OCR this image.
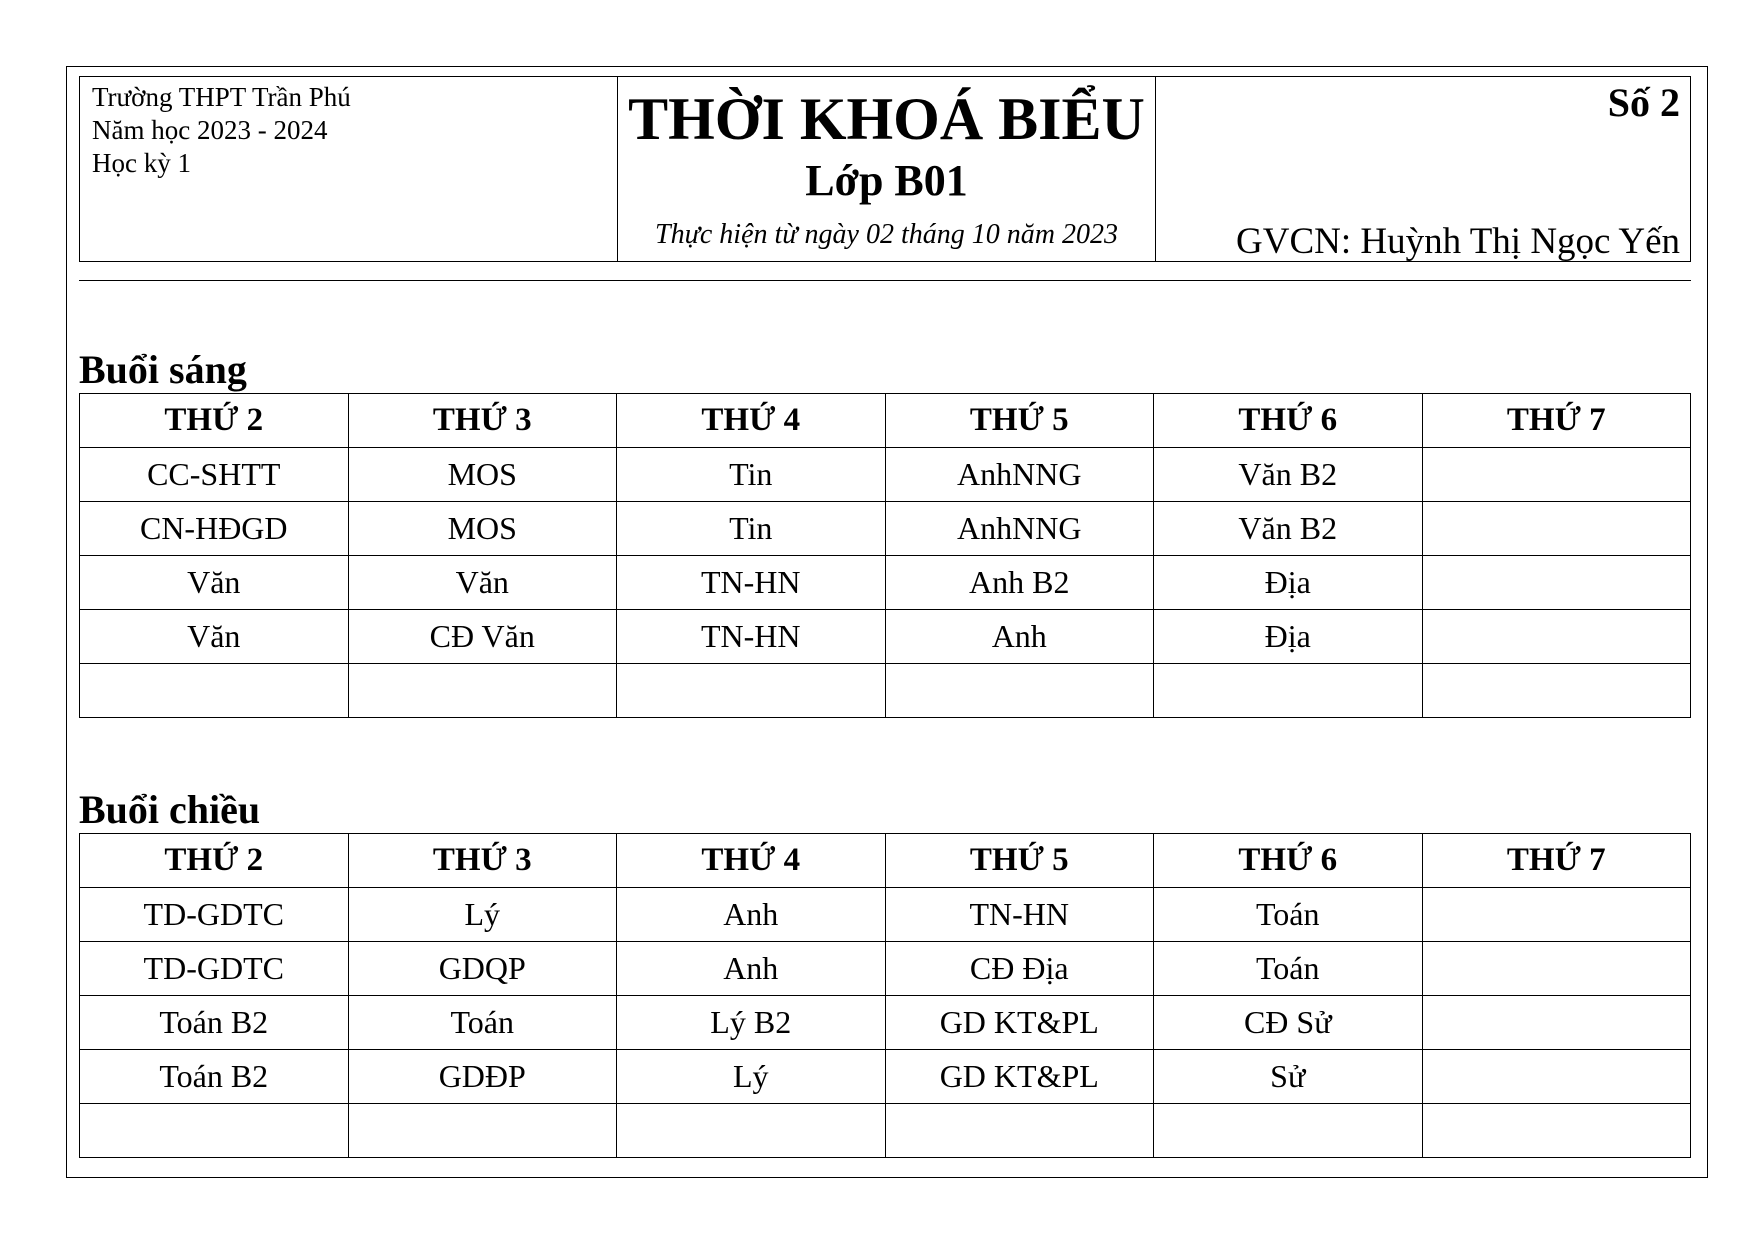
Trường THPT Trần Phú
Năm học 2023 - 2024
Học kỳ 1
THỜI KHOÁ BIỂU
Lớp B01
Thực hiện từ ngày 02 tháng 10 năm 2023
Số 2
GVCN: Huỳnh Thị Ngọc Yến
Buổi sáng
THỨ 2	THỨ 3	THỨ 4	THỨ 5	THỨ 6	THỨ 7
CC-SHTT	MOS	Tin	AnhNNG	Văn B2	
CN-HĐGD	MOS	Tin	AnhNNG	Văn B2	
Văn	Văn	TN-HN	Anh B2	Địa	
Văn	CĐ Văn	TN-HN	Anh	Địa	

Buổi chiều
THỨ 2	THỨ 3	THỨ 4	THỨ 5	THỨ 6	THỨ 7
TD-GDTC	Lý	Anh	TN-HN	Toán	
TD-GDTC	GDQP	Anh	CĐ Địa	Toán	
Toán B2	Toán	Lý B2	GD KT&PL	CĐ Sử	
Toán B2	GDĐP	Lý	GD KT&PL	Sử	
